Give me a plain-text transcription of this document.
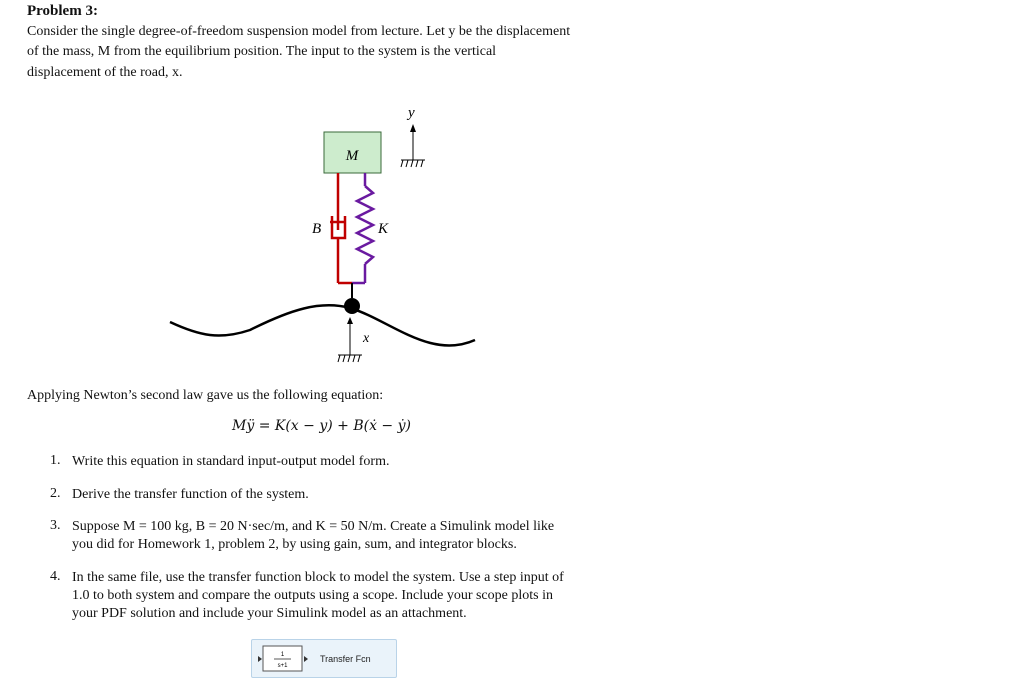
Problem 3:
Consider the single degree-of-freedom suspension model from lecture. Let y be the displacement
of the mass, M from the equilibrium position. The input to the system is the vertical
displacement of the road, x.
M
B	K
x
y
Applying Newton’s second law gave us the following equation:
Mÿ = K(x − y) + B(ẋ − ẏ)
1. Write this equation in standard input-output model form.
2. Derive the transfer function of the system.
3. Suppose M = 100 kg, B = 20 N·sec/m, and K = 50 N/m. Create a Simulink model like
you did for Homework 1, problem 2, by using gain, sum, and integrator blocks.
4. In the same file, use the transfer function block to model the system. Use a step input of
1.0 to both system and compare the outputs using a scope. Include your scope plots in
your PDF solution and include your Simulink model as an attachment.
1
s+1
Transfer Fcn
